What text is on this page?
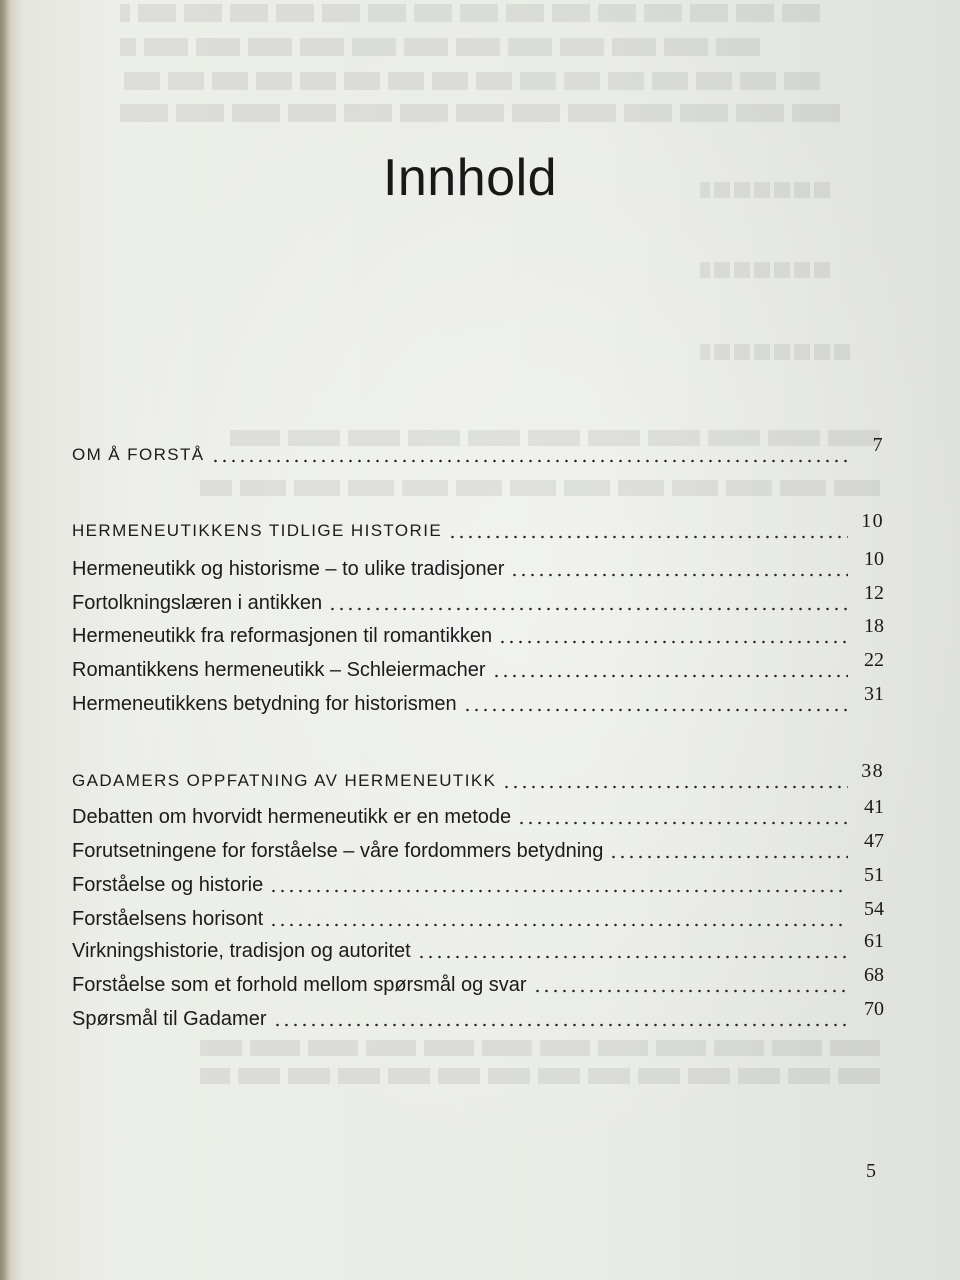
Innhold
OM Å FORSTÅ	7
HERMENEUTIKKENS TIDLIGE HISTORIE	10
Hermeneutikk og historisme – to ulike tradisjoner	10
Fortolkningslæren i antikken	12
Hermeneutikk fra reformasjonen til romantikken	18
Romantikkens hermeneutikk – Schleiermacher	22
Hermeneutikkens betydning for historismen	31
GADAMERS OPPFATNING AV HERMENEUTIKK	38
Debatten om hvorvidt hermeneutikk er en metode	41
Forutsetningene for forståelse – våre fordommers betydning	47
Forståelse og historie	51
Forståelsens horisont	54
Virkningshistorie, tradisjon og autoritet	61
Forståelse som et forhold mellom spørsmål og svar	68
Spørsmål til Gadamer	70
5
